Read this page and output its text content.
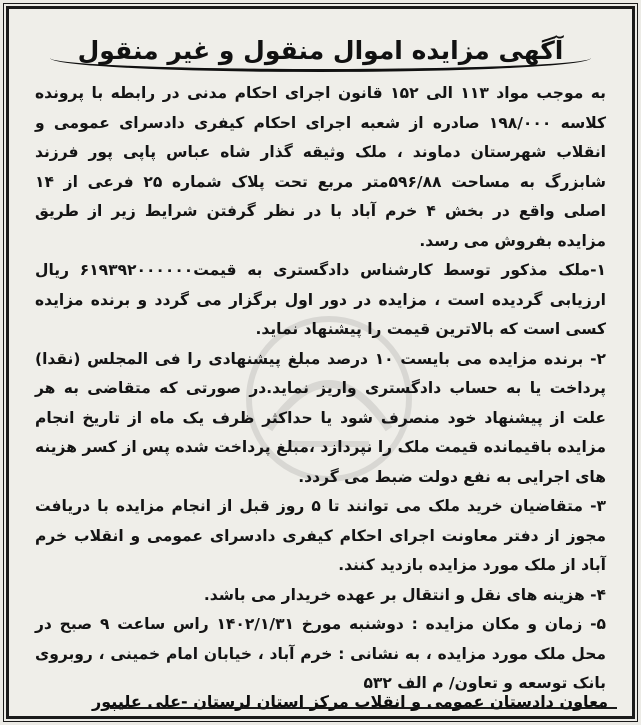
آگهی مزایده اموال منقول و غیر منقول

به موجب مواد ۱۱۳ الی ۱۵۲ قانون اجرای احکام مدنی در رابطه با پرونده کلاسه ۱۹۸/۰۰۰ صادره از شعبه اجرای احکام کیفری دادسرای عمومی و انقلاب شهرستان دماوند ، ملک وثیقه گذار شاه عباس پاپی پور فرزند شابزرگ به مساحت ۵۹۶/۸۸متر مربع تحت پلاک شماره ۲۵ فرعی از ۱۴ اصلی واقع در بخش ۴ خرم آباد با در نظر گرفتن شرایط زیر از طریق مزایده بفروش می رسد.

۱-ملک مذکور توسط کارشناس دادگستری به قیمت۶۱۹۳۹۲۰۰۰۰۰۰ ریال ارزیابی گردیده است ، مزایده در دور اول برگزار می گردد و برنده مزایده کسی است که بالاترین قیمت را پیشنهاد نماید.

۲- برنده مزایده می بایست ۱۰ درصد مبلغ پیشنهادی را فی المجلس (نقدا) پرداخت یا به حساب دادگستری واریز نماید.در صورتی که متقاضی به هر علت از پیشنهاد خود منصرف شود یا حداکثر ظرف یک ماه از تاریخ انجام مزایده باقیمانده قیمت ملک را نپردازد ،مبلغ پرداخت شده پس از کسر هزینه های اجرایی به نفع دولت ضبط می گردد.

۳- متقاضیان خرید ملک می توانند تا ۵ روز قبل از انجام مزایده با دریافت مجوز از دفتر معاونت اجرای احکام کیفری دادسرای عمومی و انقلاب خرم آباد از ملک مورد مزایده بازدید کنند.

۴- هزینه های نقل و انتقال بر عهده خریدار می باشد.

۵- زمان و مکان مزایده : دوشنبه مورخ ۱۴۰۲/۱/۳۱ راس ساعت ۹ صبح در محل ملک مورد مزایده ، به نشانی : خرم آباد ، خیابان امام خمینی ، روبروی بانک توسعه و تعاون/ م الف ۵۳۲

معاون دادستان عمومی و انقلاب مرکز استان لرستان -علی علیپور
